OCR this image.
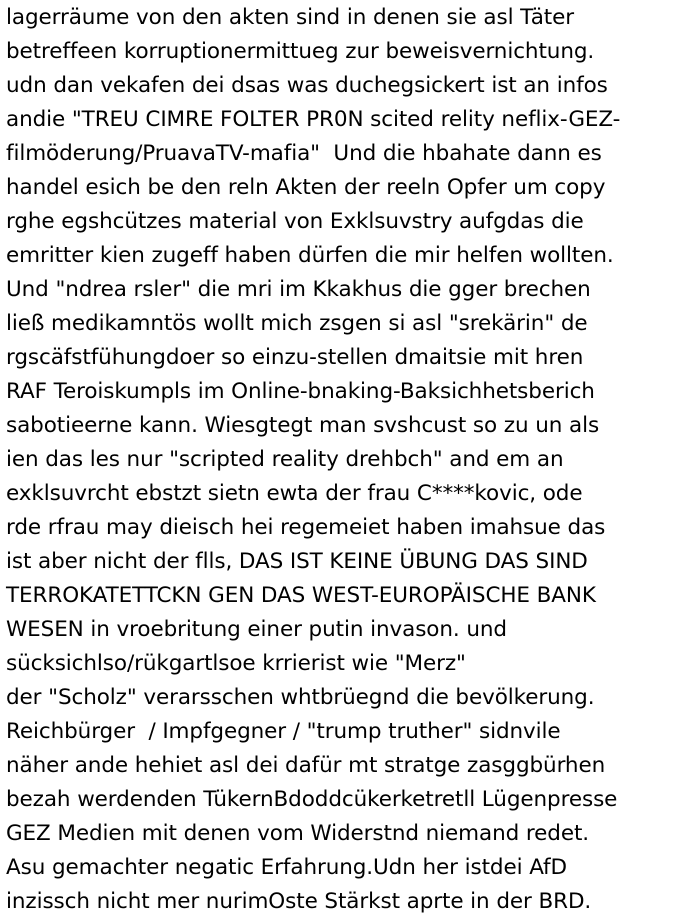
lagerräume von den akten sind in denen sie asl Täter
betreffeen korruptionermittueg zur beweisvernichtung.
udn dan vekafen dei dsas was duchegsickert ist an infos
andie "TREU CIMRE FOLTER PR0N scited relity neflix-GEZ-
filmöderung/PruavaTV-mafia"  Und die hbahate dann es
handel esich be den reln Akten der reeln Opfer um copy
rghe egshcützes material von Exklsuvstry aufgdas die
emritter kien zugeff haben dürfen die mir helfen wollten.
Und "ndrea rsler" die mri im Kkakhus die gger brechen
ließ medikamntös wollt mich zsgen si asl "srekärin" de
rgscäfstfühungdoer so einzu-stellen dmaitsie mit hren
RAF Teroiskumpls im Online-bnaking-Baksichhetsberich
sabotieerne kann. Wiesgtegt man svshcust so zu un als
ien das les nur "scripted reality drehbch" and em an
exklsuvrcht ebstzt sietn ewta der frau C****kovic, ode
rde rfrau may dieisch hei regemeiet haben imahsue das
ist aber nicht der flls, DAS IST KEINE ÜBUNG DAS SIND
TERROKATETTCKN GEN DAS WEST-EUROPÄISCHE BANK
WESEN in vroebritung einer putin invason. und
sücksichlso/rükgartlsoe krrierist wie "Merz"
der "Scholz" verarsschen whtbrüegnd die bevölkerung.
Reichbürger  / Impfgegner / "trump truther" sidnvile
näher ande hehiet asl dei dafür mt stratge zasggbürhen
bezah werdenden TükernBdoddcükerketretll Lügenpresse
GEZ Medien mit denen vom Widerstnd niemand redet.
Asu gemachter negatic Erfahrung.Udn her istdei AfD
inzissch nicht mer nurimOste Stärkst aprte in der BRD.
